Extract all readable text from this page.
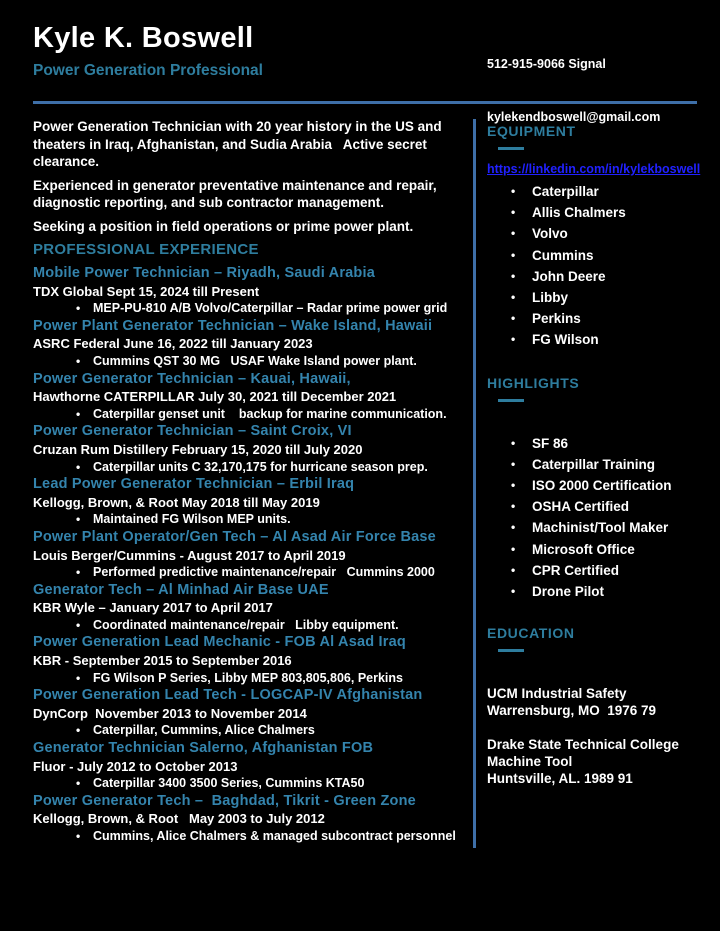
Kyle K. Boswell
Power Generation Professional

	512-915-9066 Signal

kylekendboswell@gmail.com

https://linkedin.com/in/kylekboswell

Power Generation Technician with 20 year history in the US and theaters in Iraq, Afghanistan, and Sudia Arabia   Active secret clearance.

Experienced in generator preventative maintenance and repair, diagnostic reporting, and sub contractor management.

Seeking a position in field operations or prime power plant.

PROFESSIONAL EXPERIENCE
Mobile Power Technician – Riyadh, Saudi Arabia
TDX Global Sept 15, 2024 till Present
• MEP-PU-810 A/B Volvo/Caterpillar – Radar prime power grid
Power Plant Generator Technician – Wake Island, Hawaii
ASRC Federal June 16, 2022 till January 2023
• Cummins QST 30 MG   USAF Wake Island power plant.
Power Generator Technician – Kauai, Hawaii,
Hawthorne CATERPILLAR July 30, 2021 till December 2021
• Caterpillar genset unit    backup for marine communication.
Power Generator Technician – Saint Croix, VI
Cruzan Rum Distillery February 15, 2020 till July 2020
• Caterpillar units C 32,170,175 for hurricane season prep.
Lead Power Generator Technician – Erbil Iraq
Kellogg, Brown, & Root May 2018 till May 2019
• Maintained FG Wilson MEP units.
Power Plant Operator/Gen Tech – Al Asad Air Force Base
Louis Berger/Cummins - August 2017 to April 2019
• Performed predictive maintenance/repair   Cummins 2000
Generator Tech – Al Minhad Air Base UAE
KBR Wyle – January 2017 to April 2017
• Coordinated maintenance/repair   Libby equipment.
Power Generation Lead Mechanic - FOB Al Asad Iraq
KBR - September 2015 to September 2016
• FG Wilson P Series, Libby MEP 803,805,806, Perkins
Power Generation Lead Tech - LOGCAP-IV Afghanistan
DynCorp  November 2013 to November 2014
• Caterpillar, Cummins, Alice Chalmers
Generator Technician Salerno, Afghanistan FOB
Fluor - July 2012 to October 2013
• Caterpillar 3400 3500 Series, Cummins KTA50
Power Generator Tech –  Baghdad, Tikrit - Green Zone
Kellogg, Brown, & Root   May 2003 to July 2012
• Cummins, Alice Chalmers & managed subcontract personnel
EQUIPMENT
• Caterpillar
• Allis Chalmers
• Volvo
• Cummins
• John Deere
• Libby
• Perkins
• FG Wilson
HIGHLIGHTS
• SF 86
• Caterpillar Training
• ISO 2000 Certification
• OSHA Certified
• Machinist/Tool Maker
• Microsoft Office
• CPR Certified
• Drone Pilot
EDUCATION
UCM Industrial Safety
Warrensburg, MO  1976 79
Drake State Technical College
Machine Tool
Huntsville, AL. 1989 91
